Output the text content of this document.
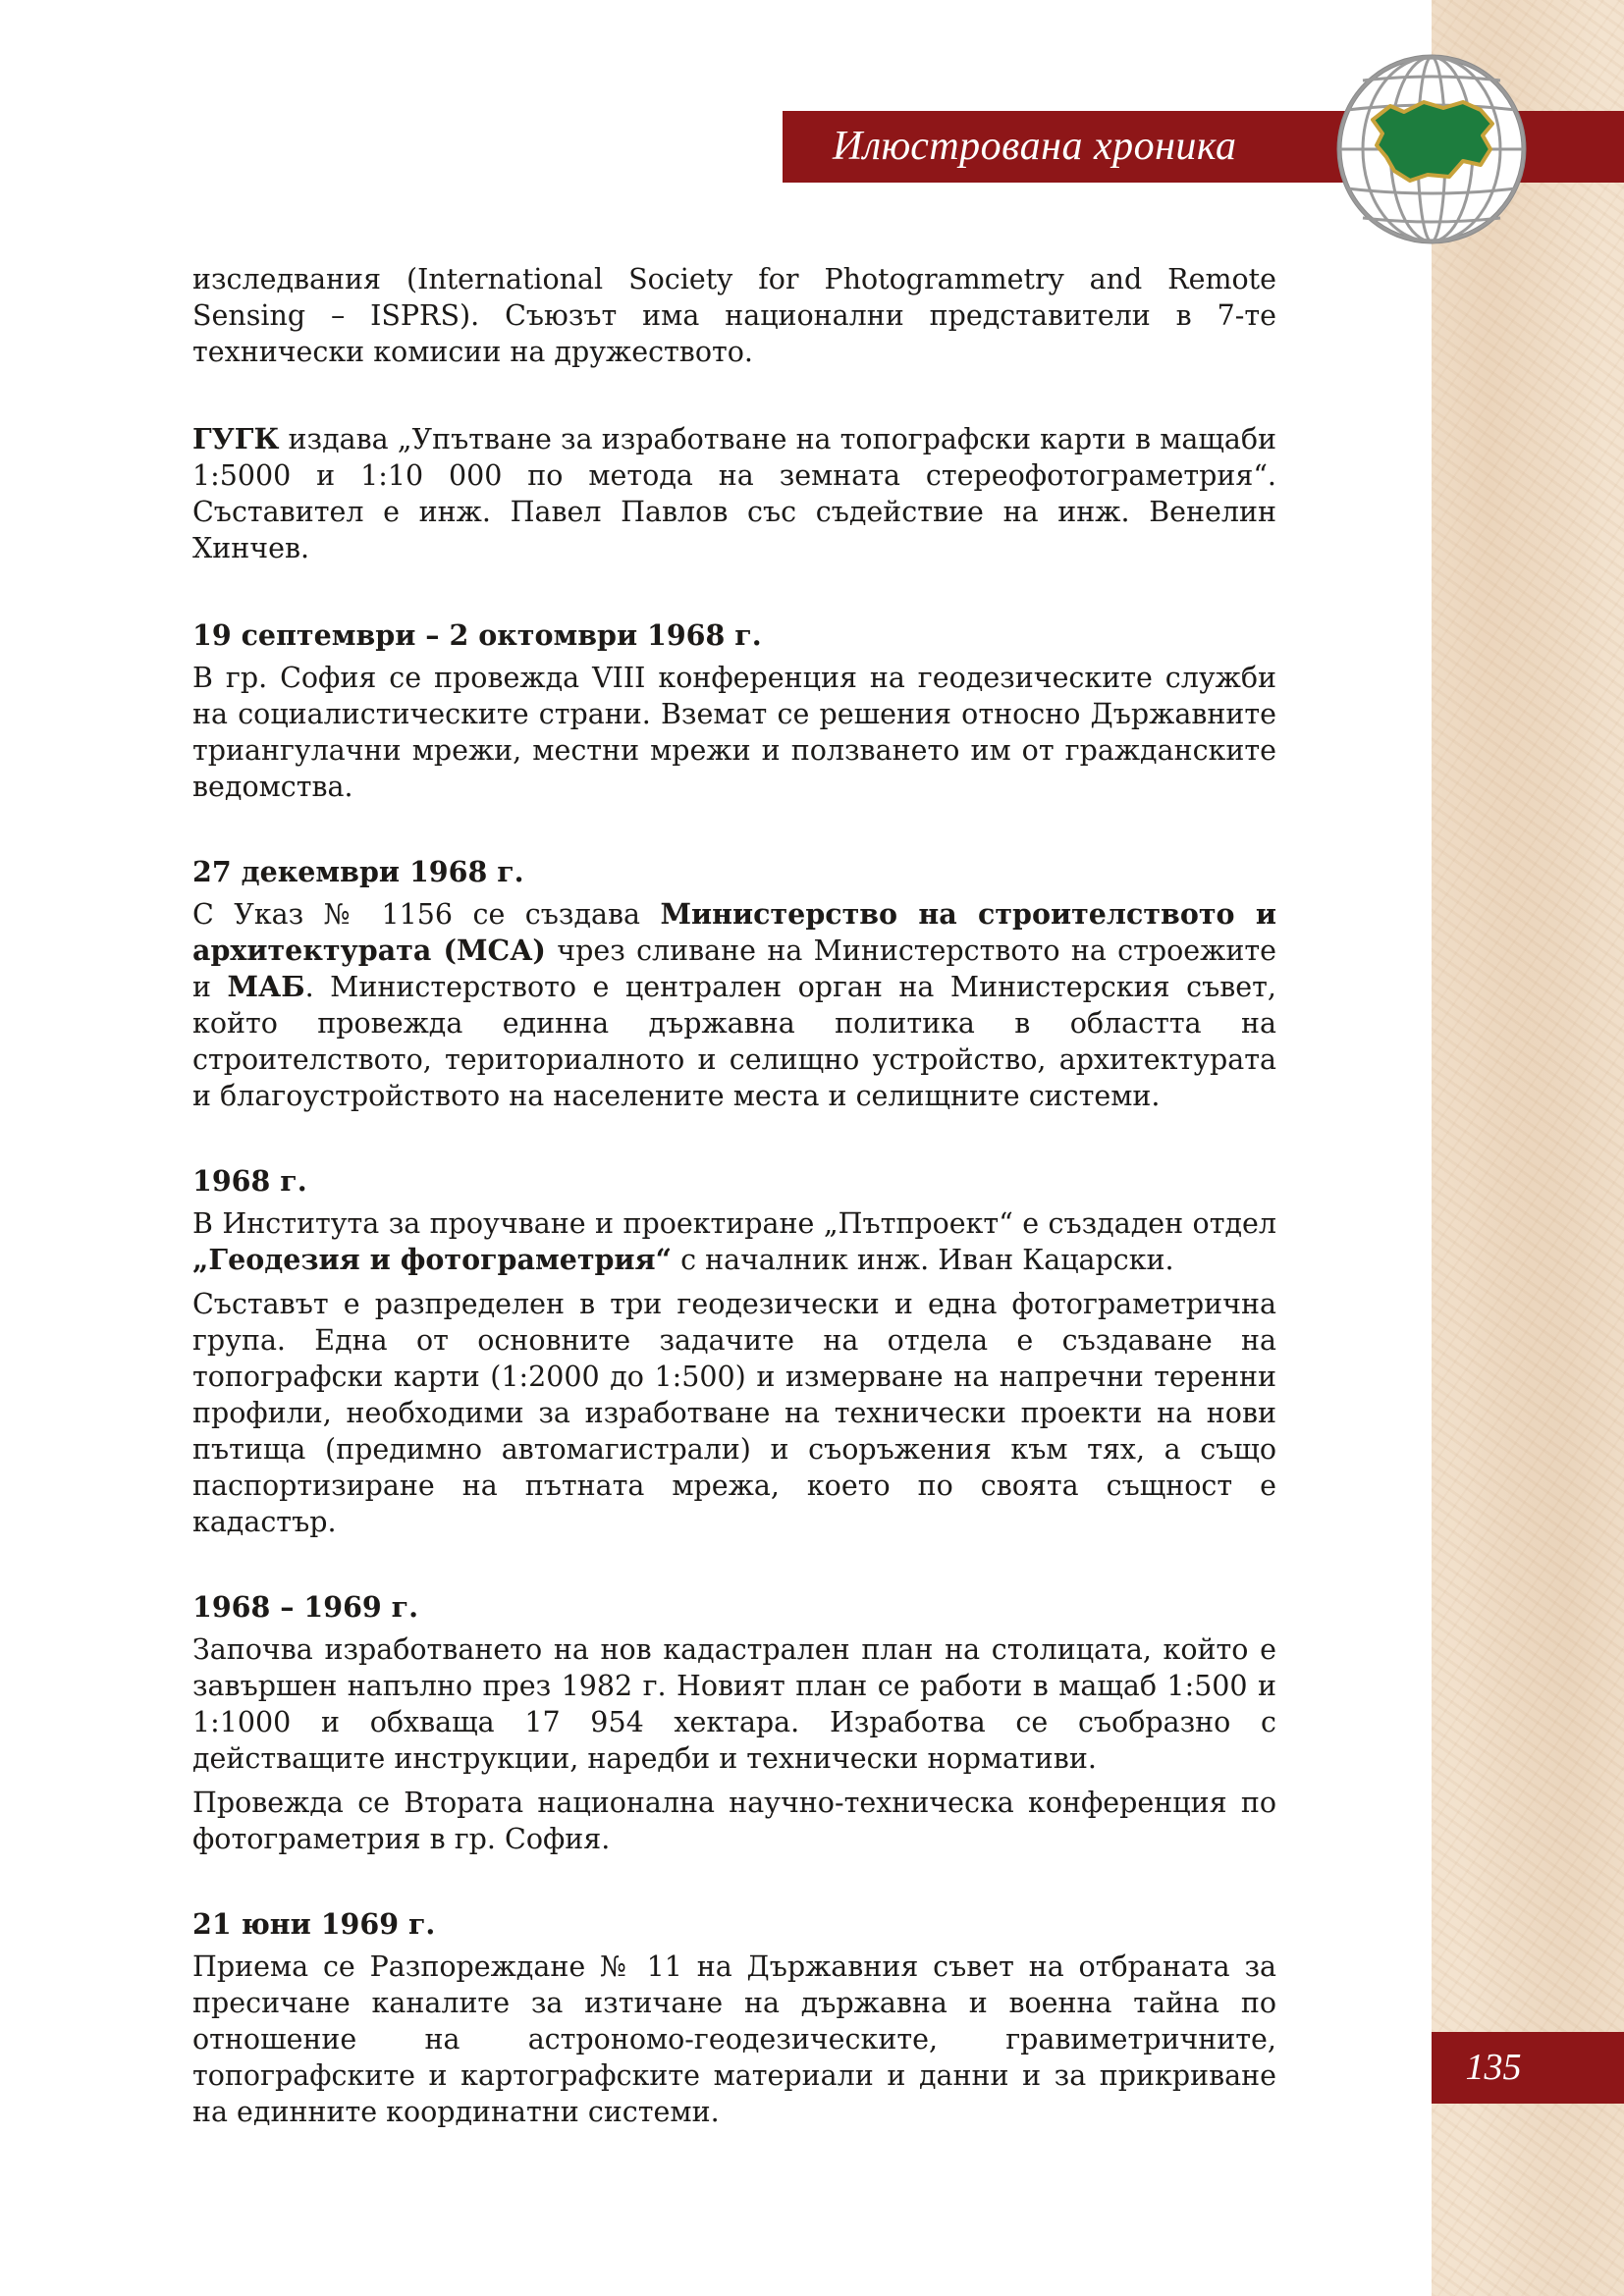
Илюстрована хроника

изследвания (International Society for Photogrammetry and Remote Sensing – ISPRS). Съюзът има национални представители в 7-те технически комисии на дружеството.

ГУГК издава „Упътване за изработване на топографски карти в мащаби 1:5000 и 1:10 000 по метода на земната стереофотограметрия“. Съставител е инж. Павел Павлов със съдействие на инж. Венелин Хинчев.

19 септември – 2 октомври 1968 г.

В гр. София се провежда VIII конференция на геодезическите служби на социалистическите страни. Вземат се решения относно Държавните триангулачни мрежи, местни мрежи и ползването им от гражданските ведомства.

27 декември 1968 г.

С Указ № 1156 се създава Министерство на строителството и архитектурата (МСА) чрез сливане на Министерството на строежите и МАБ. Министерството е централен орган на Министерския съвет, който провежда единна държавна политика в областта на строителството, териториалното и селищно устройство, архитектурата и благоустройството на населените места и селищните системи.

1968 г.

В Института за проучване и проектиране „Пътпроект“ е създаден отдел „Геодезия и фотограметрия“ с началник инж. Иван Кацарски.

Съставът е разпределен в три геодезически и една фотограметрична група. Една от основните задачите на отдела е създаване на топографски карти (1:2000 до 1:500) и измерване на напречни теренни профили, необходими за изработване на технически проекти на нови пътища (предимно автомагистрали) и съоръжения към тях, а също паспортизиране на пътната мрежа, което по своята същност е кадастър.

1968 – 1969 г.

Започва изработването на нов кадастрален план на столицата, който е завършен напълно през 1982 г. Новият план се работи в мащаб 1:500 и 1:1000 и обхваща 17 954 хектара. Изработва се съобразно с действащите инструкции, наредби и технически нормативи.

Провежда се Втората национална научно-техническа конференция по фотограметрия в гр. София.

21 юни 1969 г.

Приема се Разпореждане № 11 на Държавния съвет на отбраната за пресичане каналите за изтичане на държавна и военна тайна по отношение на астрономо-геодезическите, гравиметричните, топографските и картографските материали и данни и за прикриване на единните координатни системи.

135
